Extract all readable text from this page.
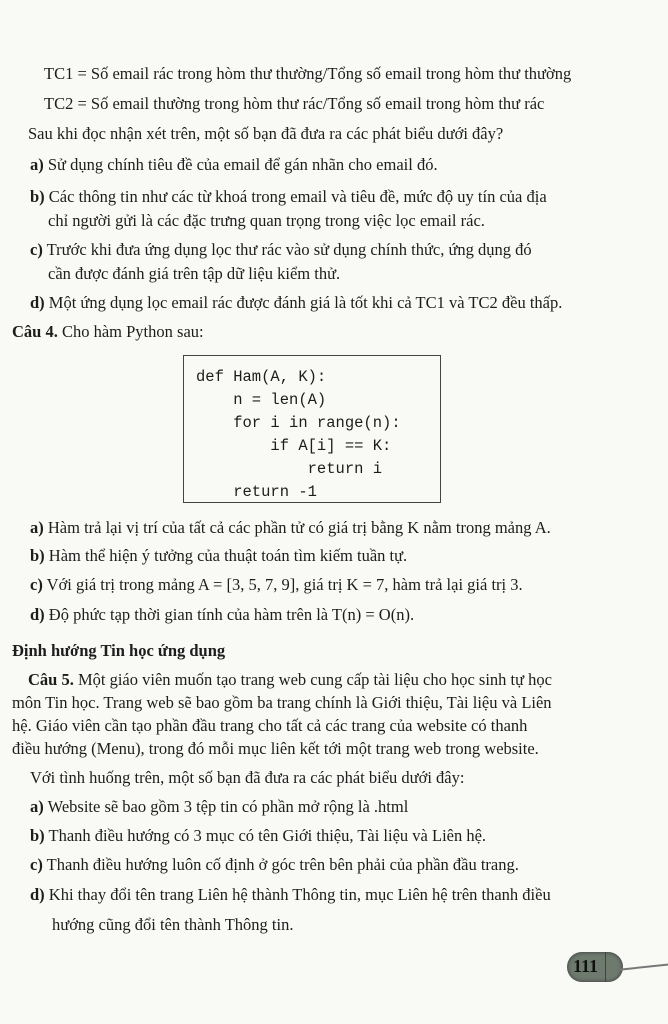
TC1 = Số email rác trong hòm thư thường/Tổng số email trong hòm thư thường
TC2 = Số email thường trong hòm thư rác/Tổng số email trong hòm thư rác
Sau khi đọc nhận xét trên, một số bạn đã đưa ra các phát biểu dưới đây?
a) Sử dụng chính tiêu đề của email để gán nhãn cho email đó.
b) Các thông tin như các từ khoá trong email và tiêu đề, mức độ uy tín của địa
chỉ người gửi là các đặc trưng quan trọng trong việc lọc email rác.
c) Trước khi đưa ứng dụng lọc thư rác vào sử dụng chính thức, ứng dụng đó
cần được đánh giá trên tập dữ liệu kiểm thử.
d) Một ứng dụng lọc email rác được đánh giá là tốt khi cả TC1 và TC2 đều thấp.
Câu 4. Cho hàm Python sau:
def Ham(A, K):
n = len(A)
for i in range(n):
if A[i] == K:
return i
return -1
a) Hàm trả lại vị trí của tất cả các phần tử có giá trị bằng K nằm trong mảng A.
b) Hàm thể hiện ý tưởng của thuật toán tìm kiếm tuần tự.
c) Với giá trị trong mảng A = [3, 5, 7, 9], giá trị K = 7, hàm trả lại giá trị 3.
d) Độ phức tạp thời gian tính của hàm trên là T(n) = O(n).
Định hướng Tin học ứng dụng
Câu 5. Một giáo viên muốn tạo trang web cung cấp tài liệu cho học sinh tự học
môn Tin học. Trang web sẽ bao gồm ba trang chính là Giới thiệu, Tài liệu và Liên
hệ. Giáo viên cần tạo phần đầu trang cho tất cả các trang của website có thanh
điều hướng (Menu), trong đó mỗi mục liên kết tới một trang web trong website.
Với tình huống trên, một số bạn đã đưa ra các phát biểu dưới đây:
a) Website sẽ bao gồm 3 tệp tin có phần mở rộng là .html
b) Thanh điều hướng có 3 mục có tên Giới thiệu, Tài liệu và Liên hệ.
c) Thanh điều hướng luôn cố định ở góc trên bên phải của phần đầu trang.
d) Khi thay đổi tên trang Liên hệ thành Thông tin, mục Liên hệ trên thanh điều
hướng cũng đổi tên thành Thông tin.
111
